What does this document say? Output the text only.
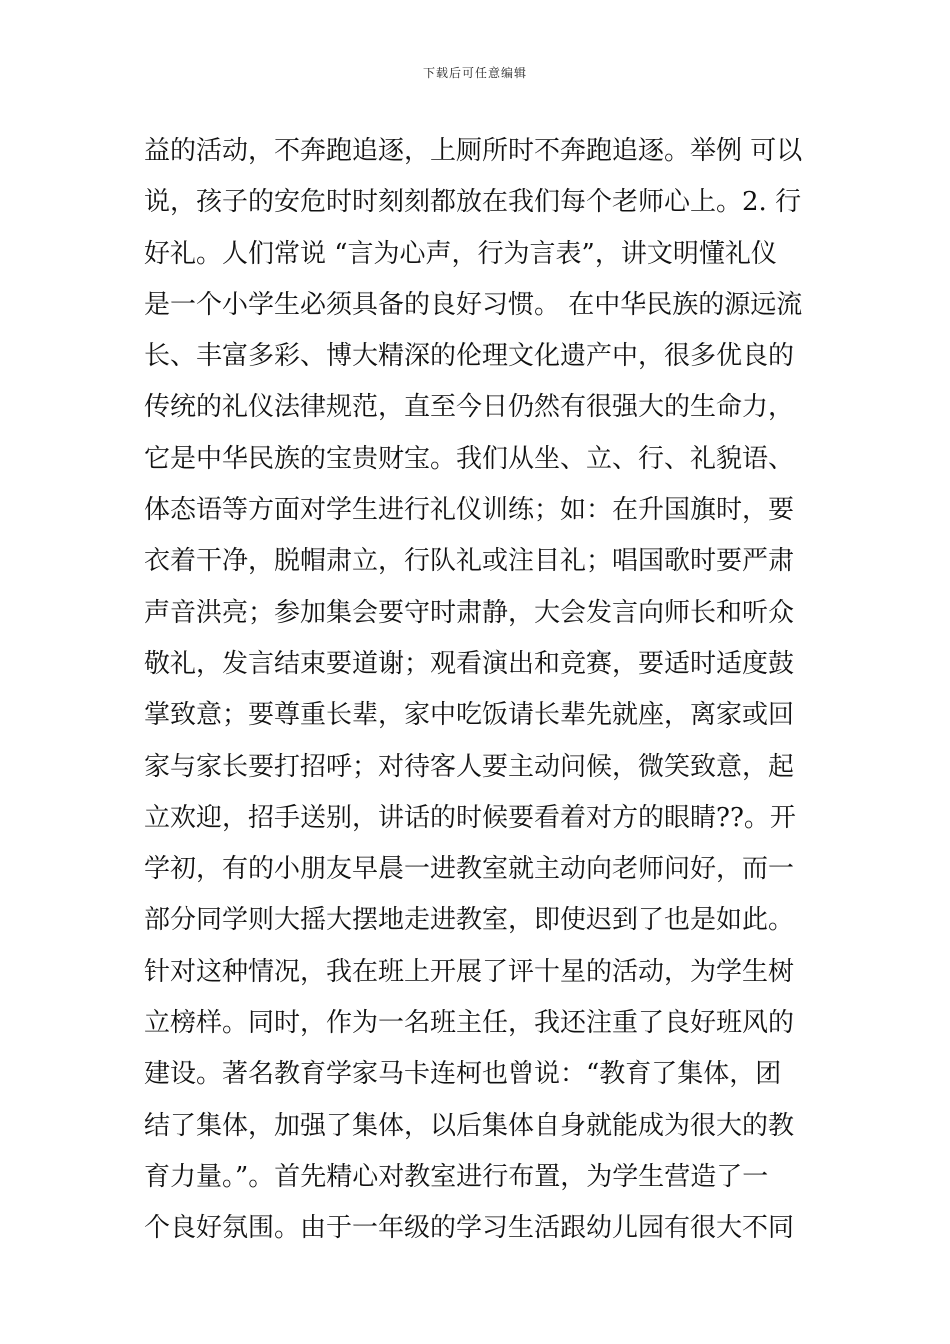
下载后可任意编辑
益的活动，不奔跑追逐，上厕所时不奔跑追逐。举例 可以
说，孩子的安危时时刻刻都放在我们每个老师心上。2. 行
好礼。人们常说 “言为心声，行为言表”，讲文明懂礼仪
是一个小学生必须具备的良好习惯。 在中华民族的源远流
长、丰富多彩、博大精深的伦理文化遗产中，很多优良的
传统的礼仪法律规范，直至今日仍然有很强大的生命力，
它是中华民族的宝贵财宝。我们从坐、立、行、礼貌语、
体态语等方面对学生进行礼仪训练；如：在升国旗时，要
衣着干净，脱帽肃立，行队礼或注目礼；唱国歌时要严肃
声音洪亮；参加集会要守时肃静，大会发言向师长和听众
敬礼，发言结束要道谢；观看演出和竞赛，要适时适度鼓
掌致意；要尊重长辈，家中吃饭请长辈先就座，离家或回
家与家长要打招呼；对待客人要主动问候，微笑致意，起
立欢迎，招手送别，讲话的时候要看着对方的眼睛??。开
学初，有的小朋友早晨一进教室就主动向老师问好，而一
部分同学则大摇大摆地走进教室，即使迟到了也是如此。
针对这种情况，我在班上开展了评十星的活动，为学生树
立榜样。同时，作为一名班主任，我还注重了良好班风的
建设。著名教育学家马卡连柯也曾说：“教育了集体，团
结了集体，加强了集体，以后集体自身就能成为很大的教
育力量。”。首先精心对教室进行布置，为学生营造了一
个良好氛围。由于一年级的学习生活跟幼儿园有很大不同
